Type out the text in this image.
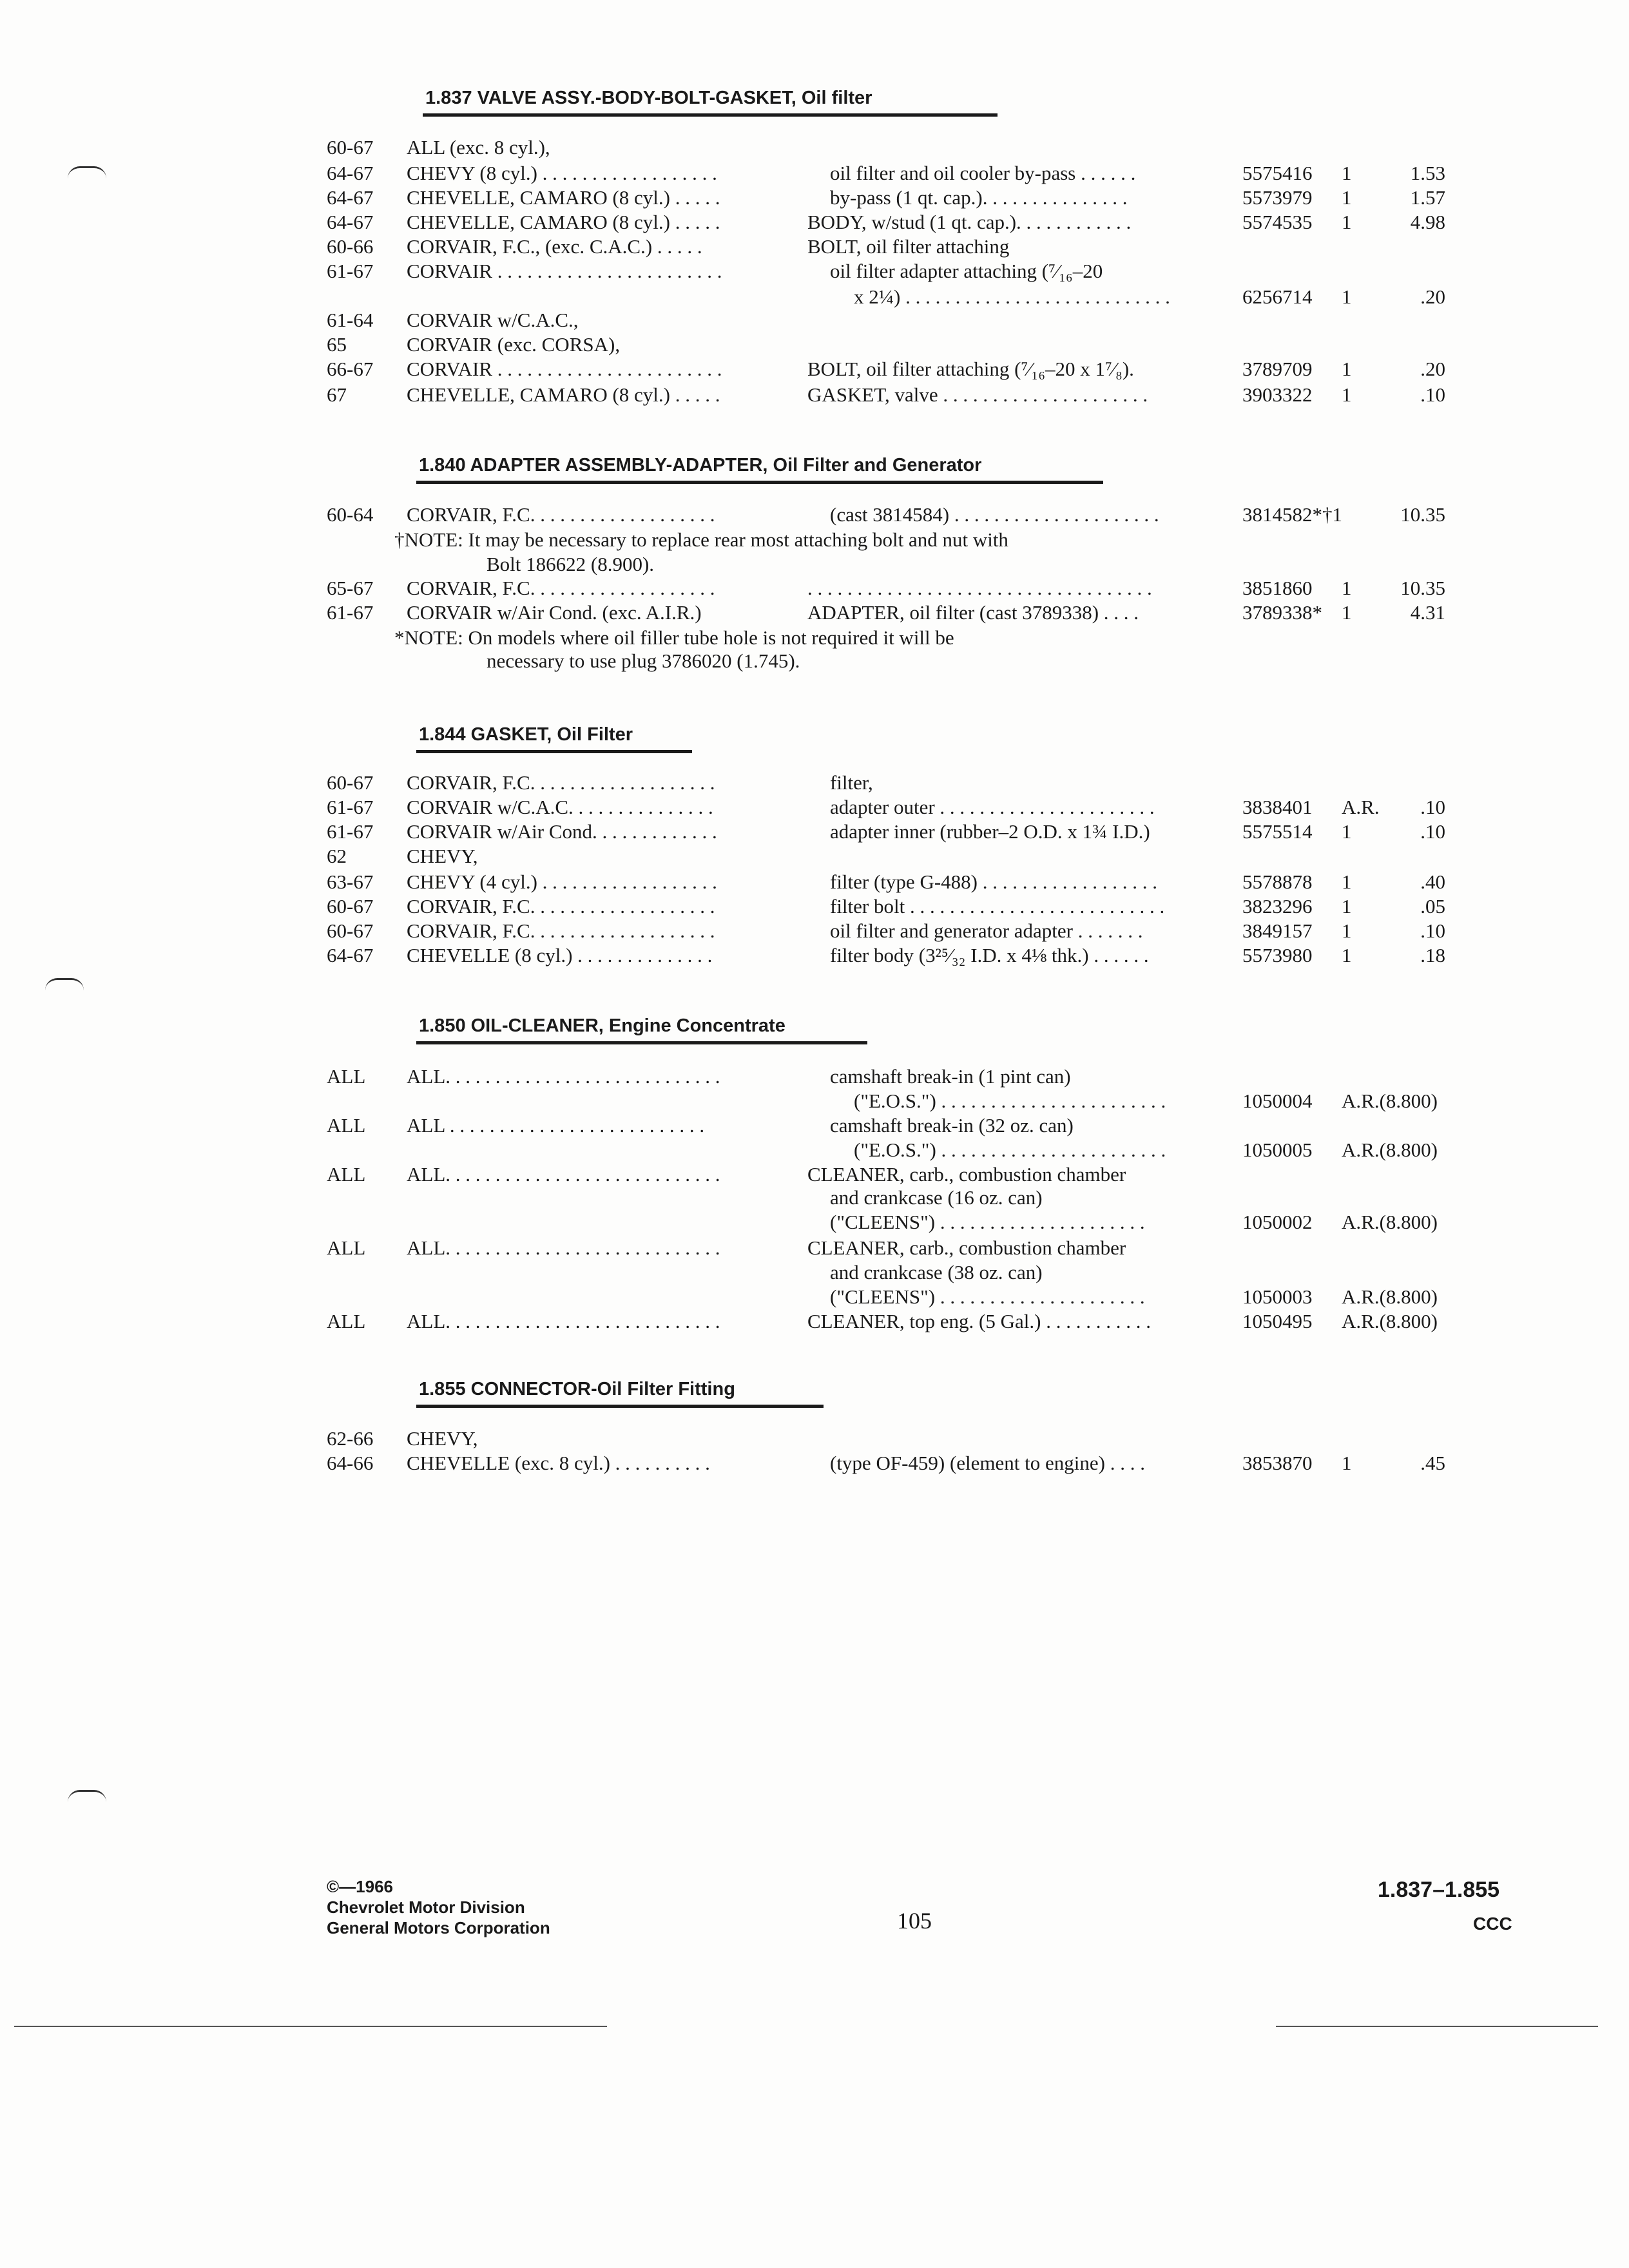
1.837 VALVE ASSY.-BODY-BOLT-GASKET, Oil filter
60-67 ALL (exc. 8 cyl.),
64-67 CHEVY (8 cyl.) . . . . . . . . . . . . . . . . . .	oil filter and oil cooler by-pass . . . . . .	5575416 1	1.53
64-67 CHEVELLE, CAMARO (8 cyl.) . . . . .	by-pass (1 qt. cap.). . . . . . . . . . . . . . .	5573979 1	1.57
64-67 CHEVELLE, CAMARO (8 cyl.) . . . . .	BODY, w/stud (1 qt. cap.). . . . . . . . . . . .	5574535 1	4.98
60-66 CORVAIR, F.C., (exc. C.A.C.) . . . . .	BOLT, oil filter attaching
61-67 CORVAIR . . . . . . . . . . . . . . . . . . . . . . .	oil filter adapter attaching (⁷⁄₁₆–20
x 2¼) . . . . . . . . . . . . . . . . . . . . . . . . . . .	6256714 1	.20
61-64 CORVAIR w/C.A.C.,
65	CORVAIR (exc. CORSA),
66-67 CORVAIR . . . . . . . . . . . . . . . . . . . . . . .	BOLT, oil filter attaching (⁷⁄₁₆–20 x 1⁷⁄₈).	3789709 1	.20
67	CHEVELLE, CAMARO (8 cyl.) . . . . .	GASKET, valve . . . . . . . . . . . . . . . . . . . . .	3903322 1	.10
1.840 ADAPTER ASSEMBLY-ADAPTER, Oil Filter and Generator
60-64 CORVAIR, F.C. . . . . . . . . . . . . . . . . . .	(cast 3814584) . . . . . . . . . . . . . . . . . . . . .	3814582*†1	10.35
†NOTE: It may be necessary to replace rear most attaching bolt and nut with
Bolt 186622 (8.900).
65-67 CORVAIR, F.C. . . . . . . . . . . . . . . . . . .	. . . . . . . . . . . . . . . . . . . . . . . . . . . . . . . . . . .	3851860 1 10.35
61-67 CORVAIR w/Air Cond. (exc. A.I.R.)	ADAPTER, oil filter (cast 3789338) . . . .	3789338* 1	4.31
*NOTE: On models where oil filler tube hole is not required it will be
necessary to use plug 3786020 (1.745).
1.844 GASKET, Oil Filter
60-67 CORVAIR, F.C. . . . . . . . . . . . . . . . . . .	filter,
61-67 CORVAIR w/C.A.C. . . . . . . . . . . . . . .	adapter outer . . . . . . . . . . . . . . . . . . . . . .	3838401 A.R. .10
61-67 CORVAIR w/Air Cond. . . . . . . . . . . . .	adapter inner (rubber–2 O.D. x 1¾ I.D.)	5575514 1	.10
62	CHEVY,
63-67 CHEVY (4 cyl.) . . . . . . . . . . . . . . . . . .	filter (type G-488) . . . . . . . . . . . . . . . . . .	5578878 1	.40
60-67 CORVAIR, F.C. . . . . . . . . . . . . . . . . . .	filter bolt . . . . . . . . . . . . . . . . . . . . . . . . . .	3823296 1	.05
60-67 CORVAIR, F.C. . . . . . . . . . . . . . . . . . .	oil filter and generator adapter . . . . . . .	3849157 1	.10
64-67 CHEVELLE (8 cyl.) . . . . . . . . . . . . . .	filter body (3²⁵⁄₃₂ I.D. x 4⅛ thk.) . . . . . .	5573980 1	.18
1.850 OIL-CLEANER, Engine Concentrate
ALL ALL. . . . . . . . . . . . . . . . . . . . . . . . . . . .	camshaft break-in (1 pint can)
("E.O.S.") . . . . . . . . . . . . . . . . . . . . . . .	1050004 A.R.(8.800)
ALL ALL . . . . . . . . . . . . . . . . . . . . . . . . . .	camshaft break-in (32 oz. can)
("E.O.S.") . . . . . . . . . . . . . . . . . . . . . . .	1050005 A.R.(8.800)
ALL ALL. . . . . . . . . . . . . . . . . . . . . . . . . . . .	CLEANER, carb., combustion chamber
and crankcase (16 oz. can)
("CLEENS") . . . . . . . . . . . . . . . . . . . . .	1050002 A.R.(8.800)
ALL ALL. . . . . . . . . . . . . . . . . . . . . . . . . . . .	CLEANER, carb., combustion chamber
and crankcase (38 oz. can)
("CLEENS") . . . . . . . . . . . . . . . . . . . . .	1050003 A.R.(8.800)
ALL ALL. . . . . . . . . . . . . . . . . . . . . . . . . . . .	CLEANER, top eng. (5 Gal.) . . . . . . . . . . .	1050495 A.R.(8.800)
1.855 CONNECTOR-Oil Filter Fitting
62-66 CHEVY,
64-66 CHEVELLE (exc. 8 cyl.) . . . . . . . . . .	(type OF-459) (element to engine) . . . .	3853870 1	.45
©—1966
Chevrolet Motor Division
General Motors Corporation	105
1.837–1.855
CCC
